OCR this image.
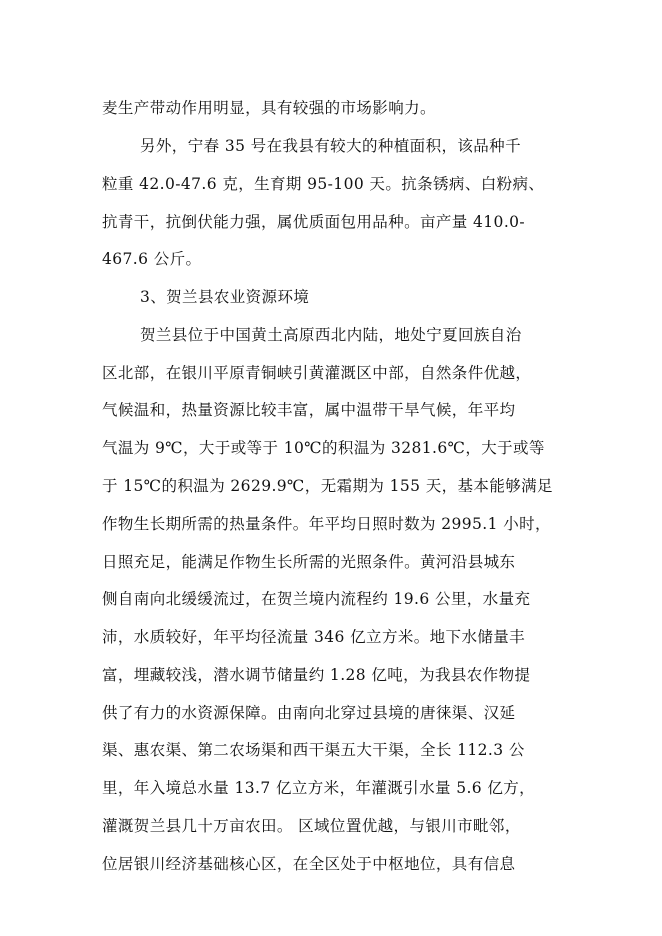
麦生产带动作用明显，具有较强的市场影响力。
另外，宁春 35 号在我县有较大的种植面积，该品种千
粒重 42.0-47.6 克，生育期 95-100 天。抗条锈病、白粉病、
抗青干，抗倒伏能力强，属优质面包用品种。亩产量 410.0-
467.6 公斤。
3、贺兰县农业资源环境
贺兰县位于中国黄土高原西北内陆，地处宁夏回族自治
区北部，在银川平原青铜峡引黄灌溉区中部，自然条件优越，
气候温和，热量资源比较丰富，属中温带干旱气候，年平均
气温为 9℃，大于或等于 10℃的积温为 3281.6℃，大于或等
于 15℃的积温为 2629.9℃，无霜期为 155 天，基本能够满足
作物生长期所需的热量条件。年平均日照时数为 2995.1 小时，
日照充足，能满足作物生长所需的光照条件。黄河沿县城东
侧自南向北缓缓流过，在贺兰境内流程约 19.6 公里，水量充
沛，水质较好，年平均径流量 346 亿立方米。地下水储量丰
富，埋藏较浅，潜水调节储量约 1.28 亿吨，为我县农作物提
供了有力的水资源保障。由南向北穿过县境的唐徕渠、汉延
渠、惠农渠、第二农场渠和西干渠五大干渠，全长 112.3 公
里，年入境总水量 13.7 亿立方米，年灌溉引水量 5.6 亿方，
灌溉贺兰县几十万亩农田。 区域位置优越，与银川市毗邻，
位居银川经济基础核心区，在全区处于中枢地位，具有信息
